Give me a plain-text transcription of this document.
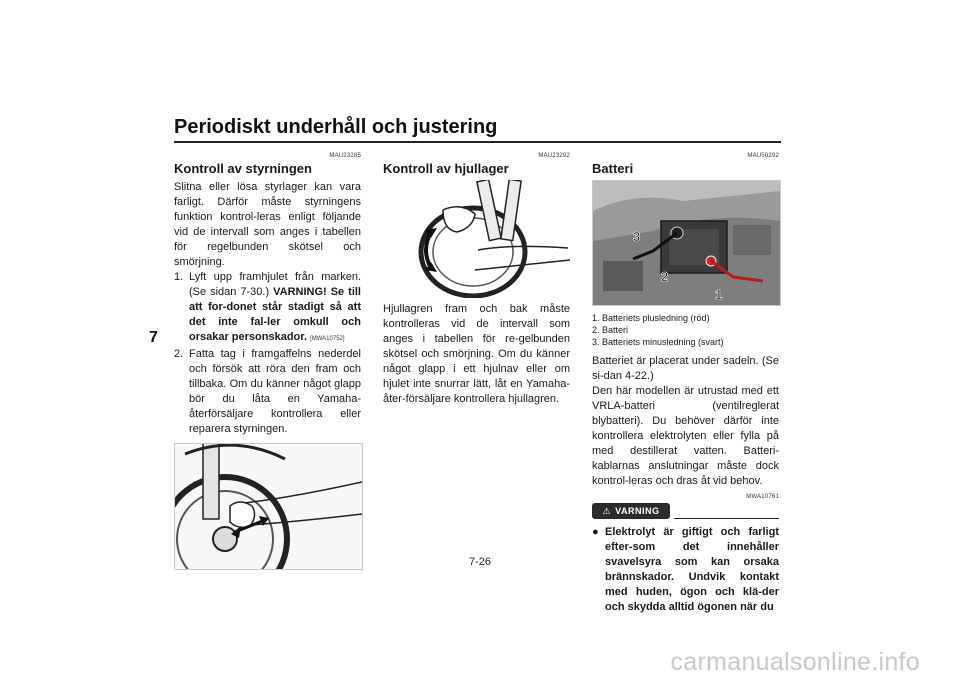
Periodiskt underhåll och justering
7
MAU23285
Kontroll av styrningen

Slitna eller lösa styrlager kan vara farligt. Därför måste styrningens funktion kontrol-leras enligt följande vid de intervall som anges i tabellen för regelbunden skötsel och smörjning.

1. Lyft upp framhjulet från marken. (Se sidan 7-30.) VARNING! Se till att for-donet står stadigt så att det inte fal-ler omkull och orsakar personskador. [MWA10752]
2. Fatta tag i framgaffelns nederdel och försök att röra den fram och tillbaka. Om du känner något glapp bör du låta en Yamaha-återförsäljare kontrollera eller reparera styrningen.
MAU23292
Kontroll av hjullager

Hjullagren fram och bak måste kontrolleras vid de intervall som anges i tabellen för re-gelbunden skötsel och smörjning. Om du känner något glapp i ett hjulnav eller om hjulet inte snurrar lätt, låt en Yamaha-åter-försäljare kontrollera hjullagren.

MAU50292
Batteri
3
2
1
1. Batteriets plusledning (röd)
2. Batteri
3. Batteriets minusledning (svart)

Batteriet är placerat under sadeln. (Se si-dan 4-22.)

Den här modellen är utrustad med ett VRLA-batteri (ventilreglerat blybatteri). Du behöver därför inte kontrollera elektrolyten eller fylla på med destillerat vatten. Batteri-kablarnas anslutningar måste dock kontrol-leras och dras åt vid behov.

MWA10761
⚠ VARNING
● Elektrolyt är giftigt och farligt efter-som det innehåller svavelsyra som kan orsaka brännskador. Undvik kontakt med huden, ögon och klä-der och skydda alltid ögonen när du
7-26
carmanualsonline.info
